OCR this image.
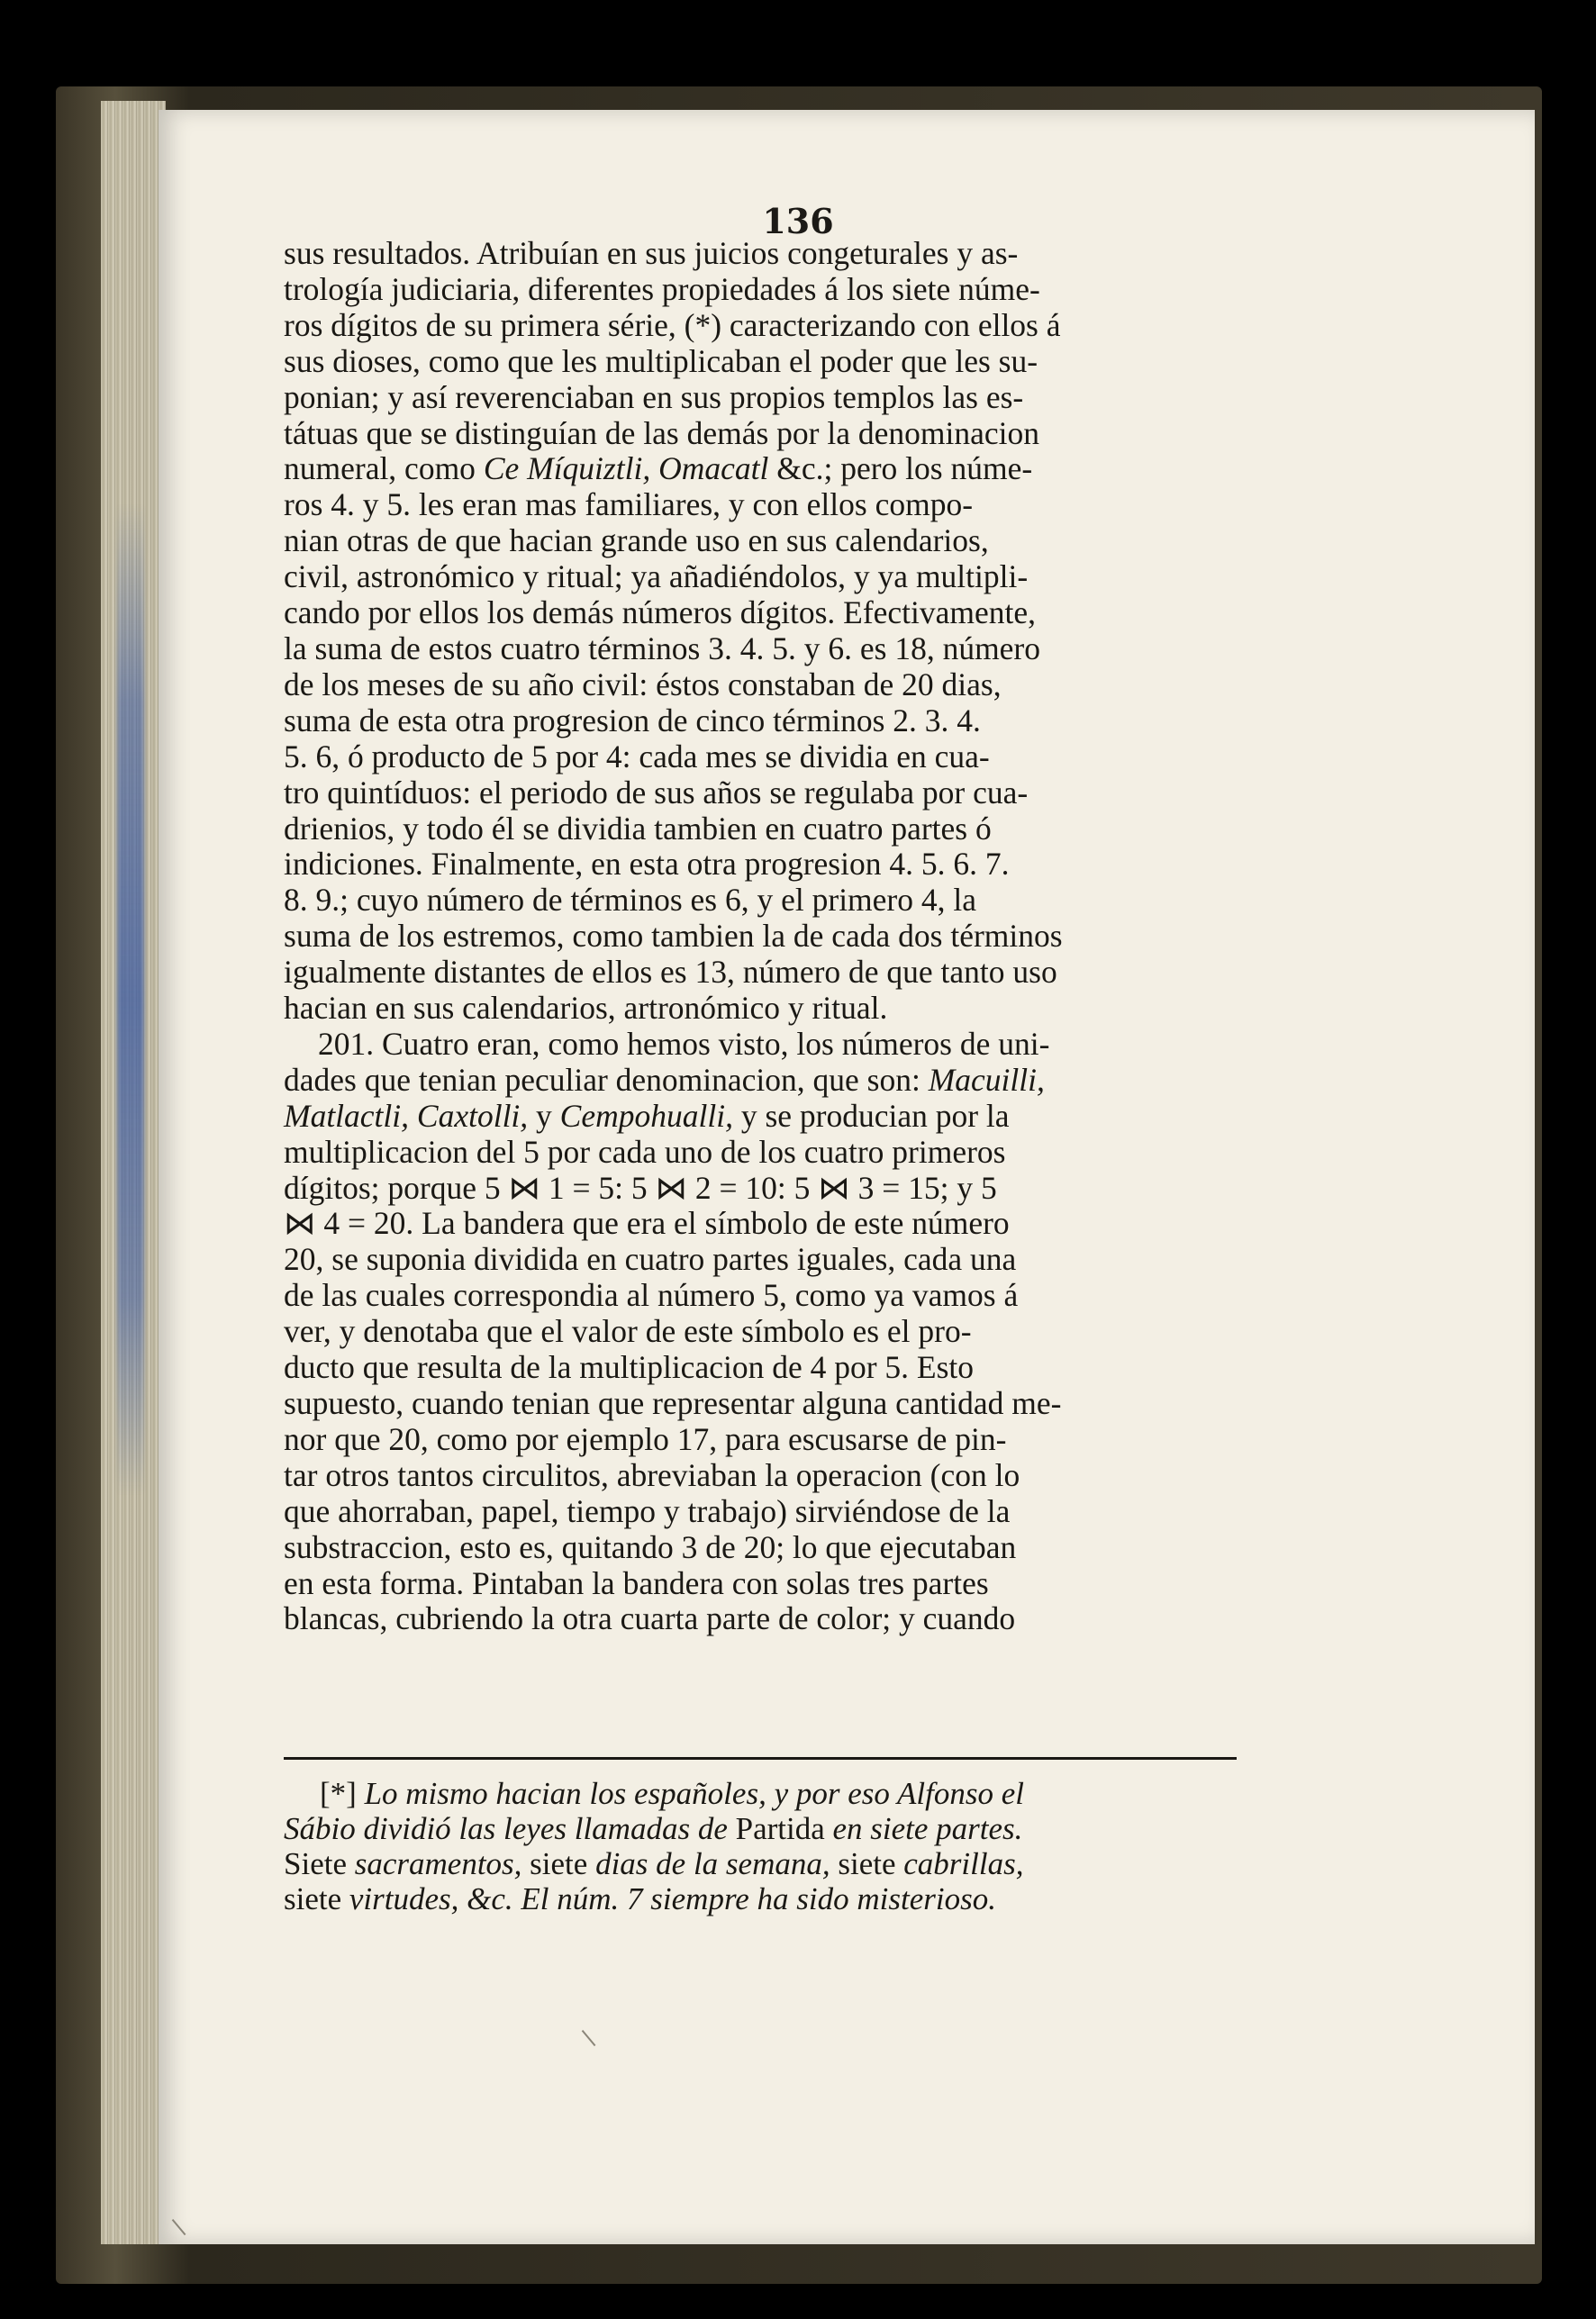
136

sus resultados. Atribuían en sus juicios congeturales y as-

trología judiciaria, diferentes propiedades á los siete núme-

ros dígitos de su primera série, (*) caracterizando con ellos á

sus dioses, como que les multiplicaban el poder que les su-

ponian; y así reverenciaban en sus propios templos las es-

tátuas que se distinguían de las demás por la denominacion

numeral, como Ce Míquiztli, Omacatl &c.; pero los núme-

ros 4. y 5. les eran mas familiares, y con ellos compo-

nian otras de que hacian grande uso en sus calendarios,

civil, astronómico y ritual; ya añadiéndolos, y ya multipli-

cando por ellos los demás números dígitos. Efectivamente,

la suma de estos cuatro términos 3. 4. 5. y 6. es 18, número

de los meses de su año civil: éstos constaban de 20 dias,

suma de esta otra progresion de cinco términos 2. 3. 4.

5. 6, ó producto de 5 por 4: cada mes se dividia en cua-

tro quintíduos: el periodo de sus años se regulaba por cua-

drienios, y todo él se dividia tambien en cuatro partes ó

indiciones. Finalmente, en esta otra progresion 4. 5. 6. 7.

8. 9.; cuyo número de términos es 6, y el primero 4, la

suma de los estremos, como tambien la de cada dos términos

igualmente distantes de ellos es 13, número de que tanto uso

hacian en sus calendarios, artronómico y ritual.

201. Cuatro eran, como hemos visto, los números de uni-

dades que tenian peculiar denominacion, que son: Macuilli,

Matlactli, Caxtolli, y Cempohualli, y se producian por la

multiplicacion del 5 por cada uno de los cuatro primeros

dígitos; porque 5 ⋈ 1 = 5: 5 ⋈ 2 = 10: 5 ⋈ 3 = 15; y 5

⋈ 4 = 20. La bandera que era el símbolo de este número

20, se suponia dividida en cuatro partes iguales, cada una

de las cuales correspondia al número 5, como ya vamos á

ver, y denotaba que el valor de este símbolo es el pro-

ducto que resulta de la multiplicacion de 4 por 5. Esto

supuesto, cuando tenian que representar alguna cantidad me-

nor que 20, como por ejemplo 17, para escusarse de pin-

tar otros tantos circulitos, abreviaban la operacion (con lo

que ahorraban, papel, tiempo y trabajo) sirviéndose de la

substraccion, esto es, quitando 3 de 20; lo que ejecutaban

en esta forma. Pintaban la bandera con solas tres partes

blancas, cubriendo la otra cuarta parte de color; y cuando

[*] Lo mismo hacian los españoles, y por eso Alfonso el

Sábio dividió las leyes llamadas de Partida en siete partes.

Siete sacramentos, siete dias de la semana, siete cabrillas,

siete virtudes, &c. El núm. 7 siempre ha sido misterioso.
